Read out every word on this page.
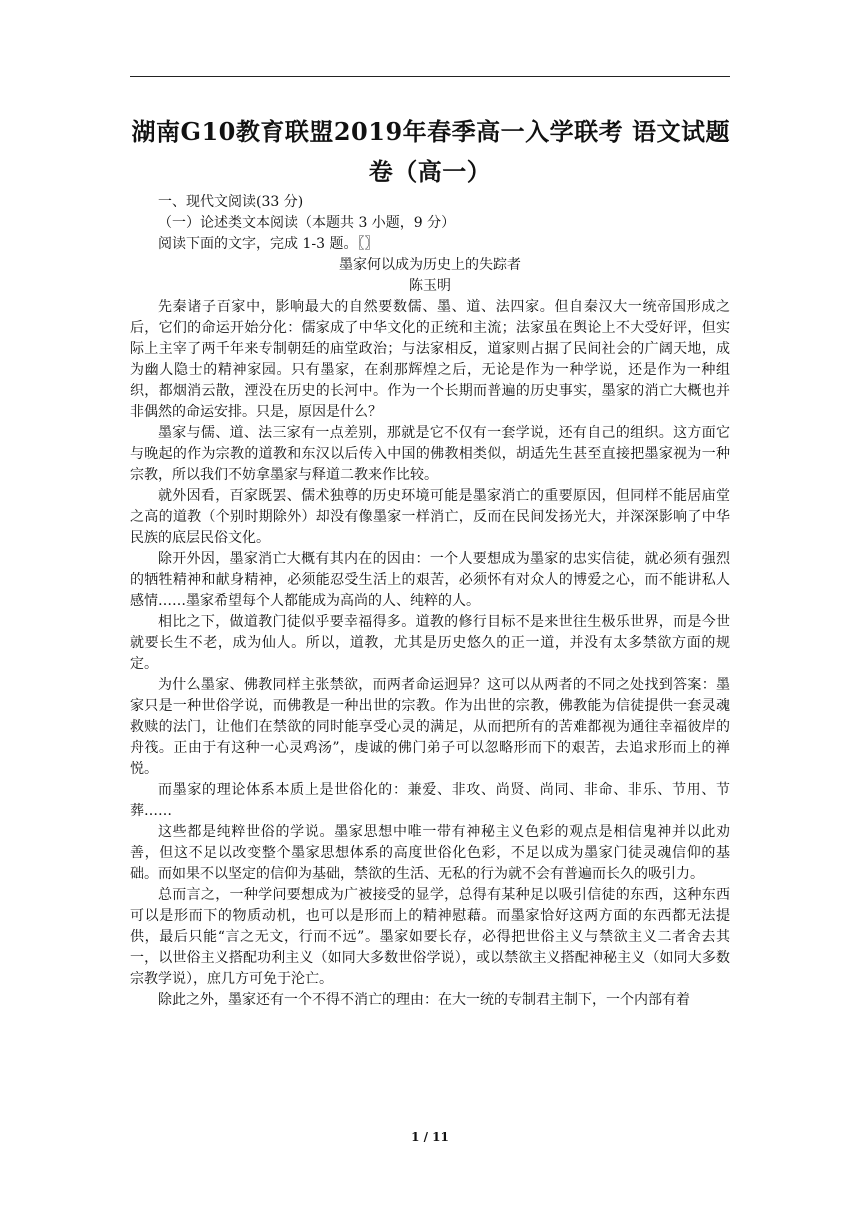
湖南G10教育联盟2019年春季高一入学联考 语文试题
卷（高一）

一、现代文阅读(33 分)

（一）论述类文本阅读（本题共 3 小题，9 分）

阅读下面的文字，完成 1-3 题。〖〗

墨家何以成为历史上的失踪者

陈玉明

先秦诸子百家中，影响最大的自然要数儒、墨、道、法四家。但自秦汉大一统帝国形成之后，它们的命运开始分化：儒家成了中华文化的正统和主流；法家虽在舆论上不大受好评，但实际上主宰了两千年来专制朝廷的庙堂政治；与法家相反，道家则占据了民间社会的广阔天地，成为幽人隐士的精神家园。只有墨家，在刹那辉煌之后，无论是作为一种学说，还是作为一种组织，都烟消云散，湮没在历史的长河中。作为一个长期而普遍的历史事实，墨家的消亡大概也并非偶然的命运安排。只是，原因是什么？

墨家与儒、道、法三家有一点差别，那就是它不仅有一套学说，还有自己的组织。这方面它与晚起的作为宗教的道教和东汉以后传入中国的佛教相类似，胡适先生甚至直接把墨家视为一种宗教，所以我们不妨拿墨家与释道二教来作比较。

就外因看，百家既罢、儒术独尊的历史环境可能是墨家消亡的重要原因，但同样不能居庙堂之高的道教（个别时期除外）却没有像墨家一样消亡，反而在民间发扬光大，并深深影响了中华民族的底层民俗文化。

除开外因，墨家消亡大概有其内在的因由：一个人要想成为墨家的忠实信徒，就必须有强烈的牺牲精神和献身精神，必须能忍受生活上的艰苦，必须怀有对众人的博爱之心，而不能讲私人感情……墨家希望每个人都能成为高尚的人、纯粹的人。

相比之下，做道教门徒似乎要幸福得多。道教的修行目标不是来世往生极乐世界，而是今世就要长生不老，成为仙人。所以，道教，尤其是历史悠久的正一道，并没有太多禁欲方面的规定。

为什么墨家、佛教同样主张禁欲，而两者命运迥异？这可以从两者的不同之处找到答案：墨家只是一种世俗学说，而佛教是一种出世的宗教。作为出世的宗教，佛教能为信徒提供一套灵魂救赎的法门，让他们在禁欲的同时能享受心灵的满足，从而把所有的苦难都视为通往幸福彼岸的舟筏。正由于有这种一心灵鸡汤”，虔诚的佛门弟子可以忽略形而下的艰苦，去追求形而上的禅悦。

而墨家的理论体系本质上是世俗化的：兼爱、非攻、尚贤、尚同、非命、非乐、节用、节葬……

这些都是纯粹世俗的学说。墨家思想中唯一带有神秘主义色彩的观点是相信鬼神并以此劝善，但这不足以改变整个墨家思想体系的高度世俗化色彩，不足以成为墨家门徒灵魂信仰的基础。而如果不以坚定的信仰为基础，禁欲的生活、无私的行为就不会有普遍而长久的吸引力。

总而言之，一种学问要想成为广被接受的显学，总得有某种足以吸引信徒的东西，这种东西可以是形而下的物质动机，也可以是形而上的精神慰藉。而墨家恰好这两方面的东西都无法提供，最后只能“言之无文，行而不远”。墨家如要长存，必得把世俗主义与禁欲主义二者舍去其一，以世俗主义搭配功利主义（如同大多数世俗学说），或以禁欲主义搭配神秘主义（如同大多数宗教学说），庶几方可免于沦亡。

除此之外，墨家还有一个不得不消亡的理由：在大一统的专制君主制下，一个内部有着

1 / 11
